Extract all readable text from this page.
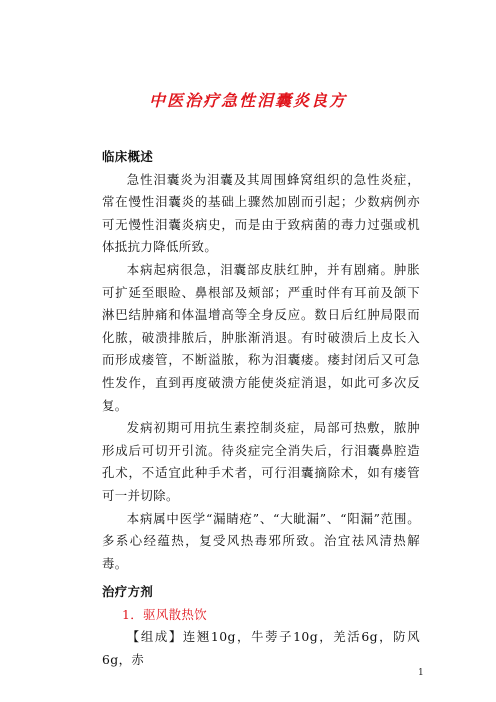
中医治疗急性泪囊炎良方

临床概述

急性泪囊炎为泪囊及其周围蜂窝组织的急性炎症，常在慢性泪囊炎的基础上骤然加剧而引起；少数病例亦可无慢性泪囊炎病史，而是由于致病菌的毒力过强或机体抵抗力降低所致。

本病起病很急，泪囊部皮肤红肿，并有剧痛。肿胀可扩延至眼睑、鼻根部及颊部；严重时伴有耳前及颌下淋巴结肿痛和体温增高等全身反应。数日后红肿局限而化脓，破溃排脓后，肿胀渐消退。有时破溃后上皮长入而形成瘘管，不断溢脓，称为泪囊瘘。瘘封闭后又可急性发作，直到再度破溃方能使炎症消退，如此可多次反复。

发病初期可用抗生素控制炎症，局部可热敷，脓肿形成后可切开引流。待炎症完全消失后，行泪囊鼻腔造孔术，不适宜此种手术者，可行泪囊摘除术，如有瘘管可一并切除。

本病属中医学“漏睛疮”、“大眦漏”、“阳漏”范围。多系心经蕴热，复受风热毒邪所致。治宜祛风清热解毒。

治疗方剂

1．驱风散热饮

【组成】连翘10g，牛蒡子10g，羌活6g，防风6g，赤

1
